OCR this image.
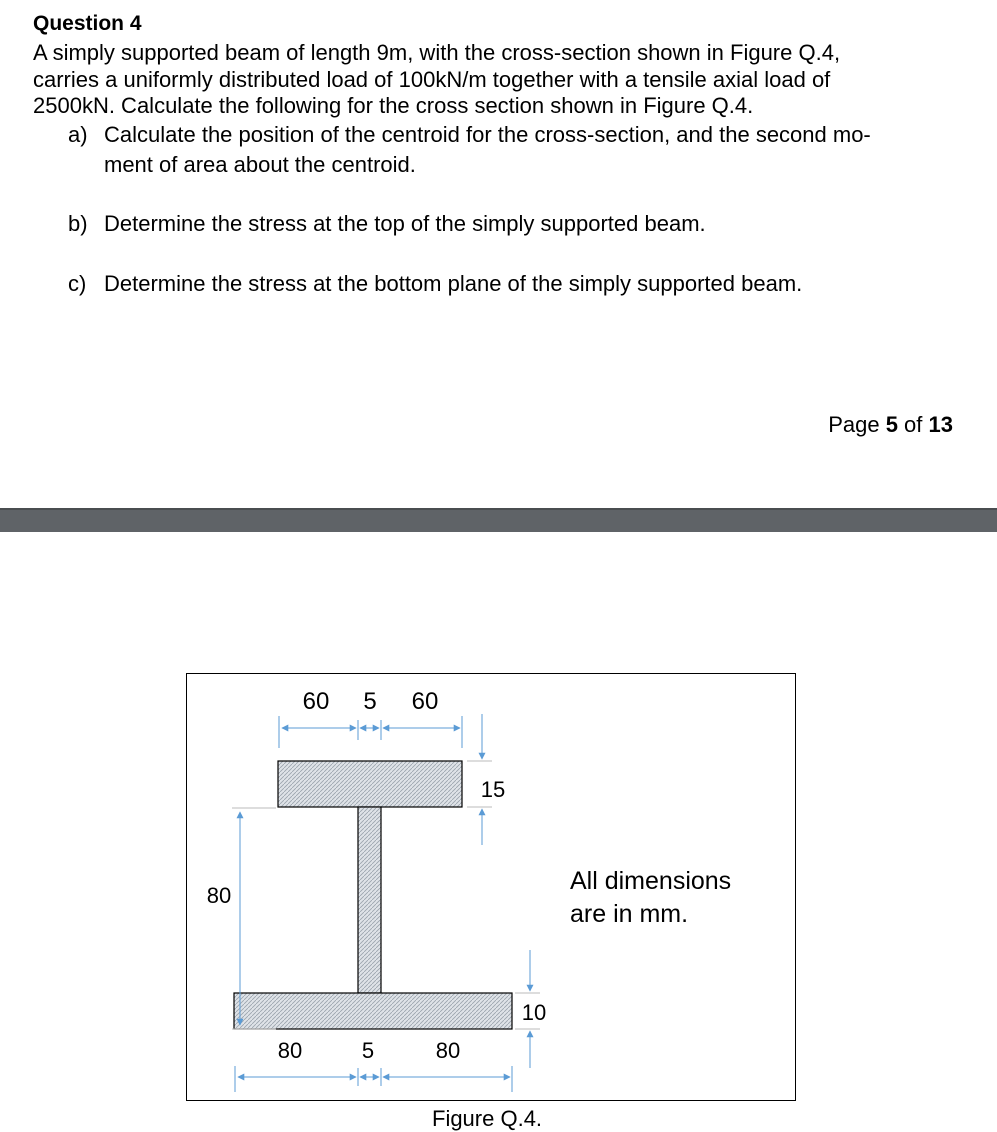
Question 4
A simply supported beam of length 9m, with the cross-section shown in Figure Q.4,
carries a uniformly distributed load of 100kN/m together with a tensile axial load of
2500kN. Calculate the following for the cross section shown in Figure Q.4.
a) Calculate the position of the centroid for the cross-section, and the second mo-
ment of area about the centroid.
b) Determine the stress at the top of the simply supported beam.
c) Determine the stress at the bottom plane of the simply supported beam.
Page 5 of 13
60 5 60
15
80
10
80	5	80
All dimensions
are in mm.
Figure Q.4.
